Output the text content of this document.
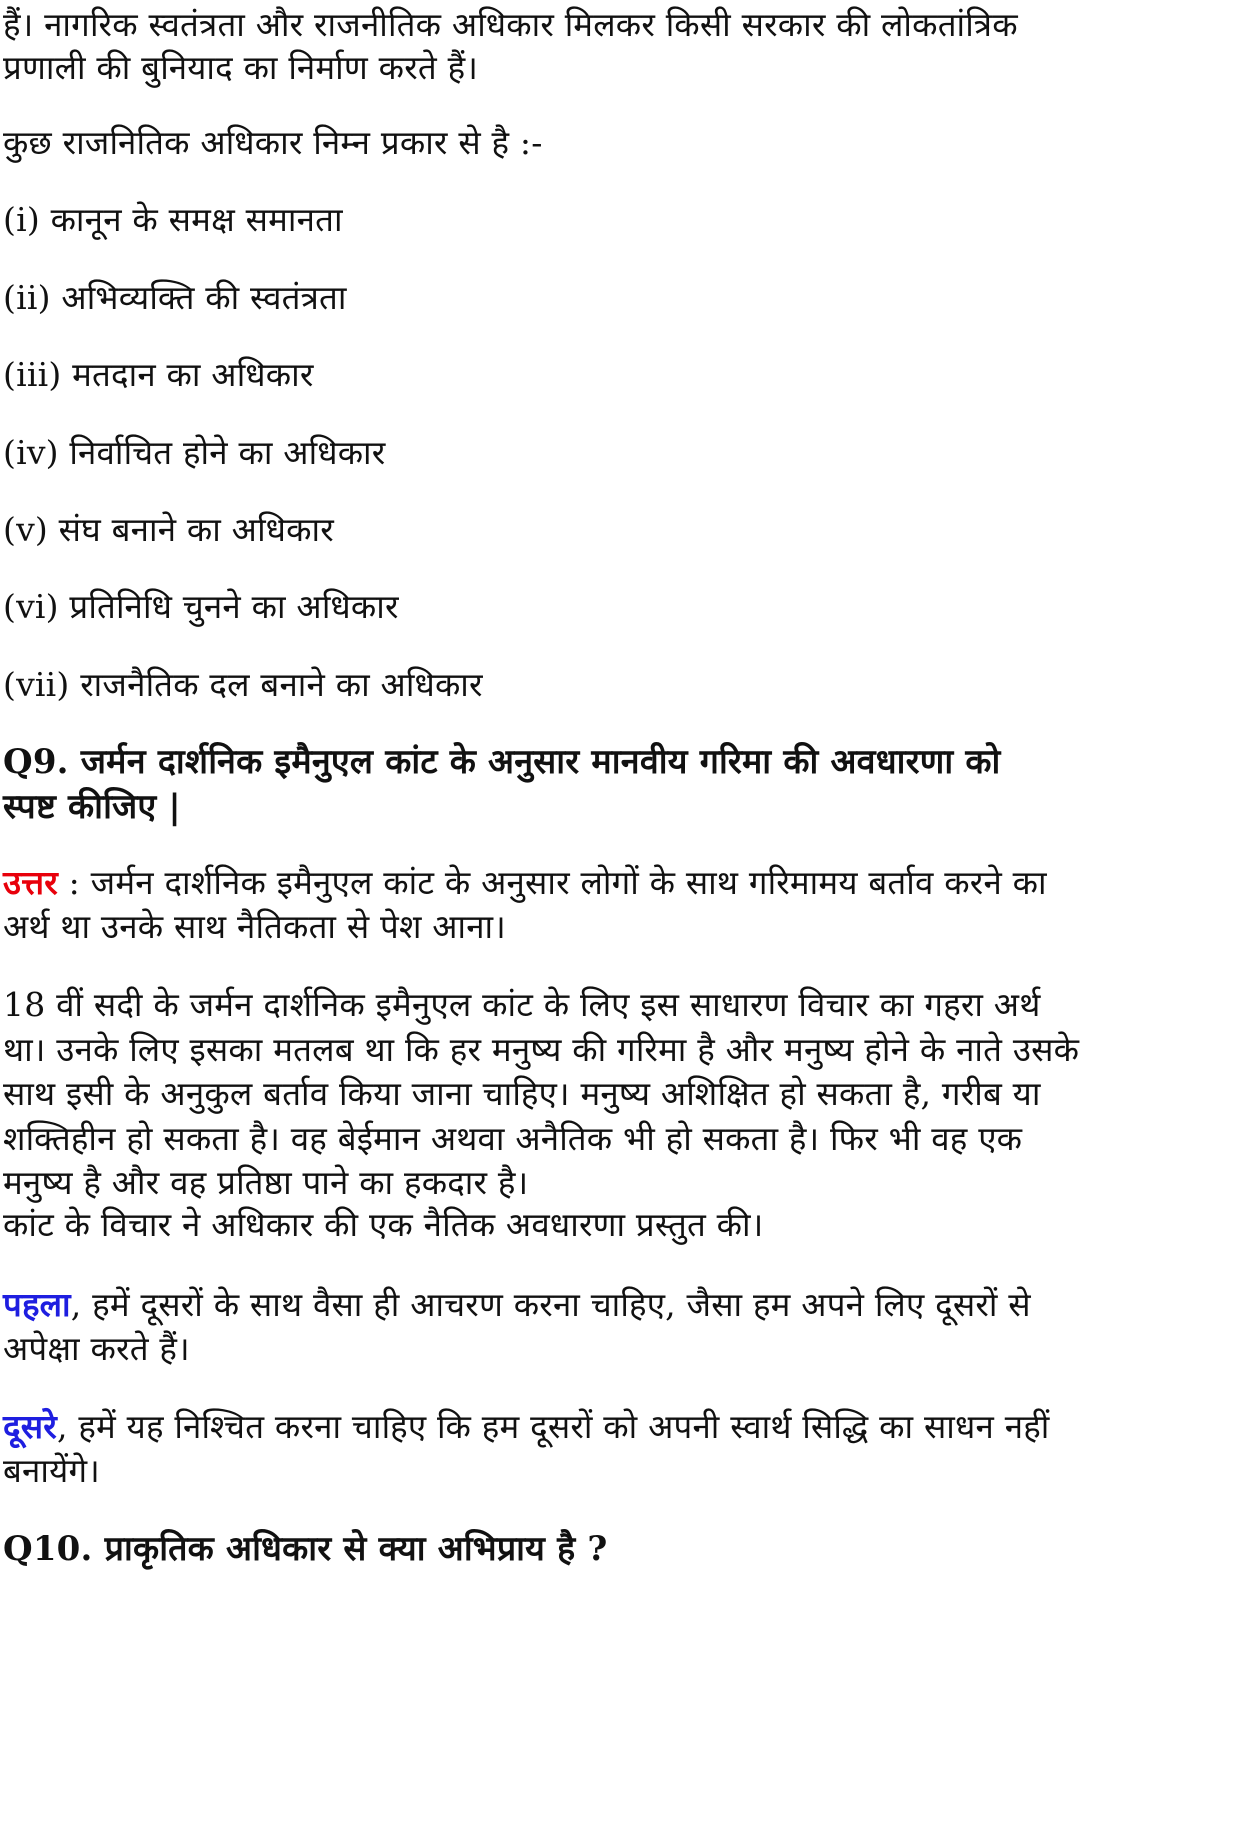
हैं। नागरिक स्वतंत्रता और राजनीतिक अधिकार मिलकर किसी सरकार की लोकतांत्रिक
प्रणाली की बुनियाद का निर्माण करते हैं।
कुछ राजनितिक अधिकार निम्न प्रकार से है :-
(i) कानून के समक्ष समानता
(ii) अभिव्यक्ति की स्वतंत्रता
(iii) मतदान का अधिकार
(iv) निर्वाचित होने का अधिकार
(v) संघ बनाने का अधिकार
(vi) प्रतिनिधि चुनने का अधिकार
(vii) राजनैतिक दल बनाने का अधिकार
Q9. जर्मन दार्शनिक इमैनुएल कांट के अनुसार मानवीय गरिमा की अवधारणा को
स्पष्ट कीजिए |
उत्तर : जर्मन दार्शनिक इमैनुएल कांट के अनुसार लोगों के साथ गरिमामय बर्ताव करने का
अर्थ था उनके साथ नैतिकता से पेश आना।
18 वीं सदी के जर्मन दार्शनिक इमैनुएल कांट के लिए इस साधारण विचार का गहरा अर्थ
था। उनके लिए इसका मतलब था कि हर मनुष्य की गरिमा है और मनुष्य होने के नाते उसके
साथ इसी के अनुकुल बर्ताव किया जाना चाहिए। मनुष्य अशिक्षित हो सकता है, गरीब या
शक्तिहीन हो सकता है। वह बेईमान अथवा अनैतिक भी हो सकता है। फिर भी वह एक
मनुष्य है और वह प्रतिष्ठा पाने का हकदार है।
कांट के विचार ने अधिकार की एक नैतिक अवधारणा प्रस्तुत की।
पहला, हमें दूसरों के साथ वैसा ही आचरण करना चाहिए, जैसा हम अपने लिए दूसरों से
अपेक्षा करते हैं।
दूसरे, हमें यह निश्चित करना चाहिए कि हम दूसरों को अपनी स्वार्थ सिद्धि का साधन नहीं
बनायेंगे।
Q10. प्राकृतिक अधिकार से क्या अभिप्राय है ?
